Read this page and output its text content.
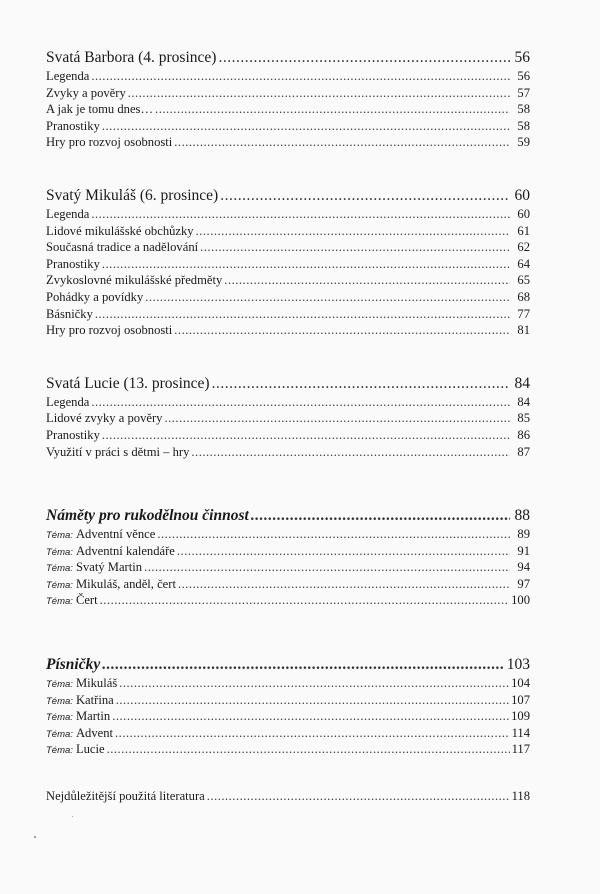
Svatá Barbora (4. prosince) .....	56
Legenda .....	56
Zvyky a pověry .....	57
A jak je tomu dnes… .....	58
Pranostiky .....	58
Hry pro rozvoj osobnosti .....	59
Svatý Mikuláš (6. prosince) .....	60
Legenda .....	60
Lidové mikulášské obchůzky .....	61
Současná tradice a nadělování .....	62
Pranostiky .....	64
Zvykoslovné mikulášské předměty .....	65
Pohádky a povídky .....	68
Básničky .....	77
Hry pro rozvoj osobnosti .....	81
Svatá Lucie (13. prosince) .....	84
Legenda .....	84
Lidové zvyky a pověry .....	85
Pranostiky .....	86
Využití v práci s dětmi – hry .....	87
Náměty pro rukodělnou činnost .....	88
Téma: Adventní věnce .....	89
Téma: Adventní kalendáře .....	91
Téma: Svatý Martin .....	94
Téma: Mikuláš, anděl, čert .....	97
Téma: Čert .....	100
Písničky .....	103
Téma: Mikuláš .....	104
Téma: Katřina .....	107
Téma: Martin .....	109
Téma: Advent .....	114
Téma: Lucie .....	117
Nejdůležitější použitá literatura .....	118
